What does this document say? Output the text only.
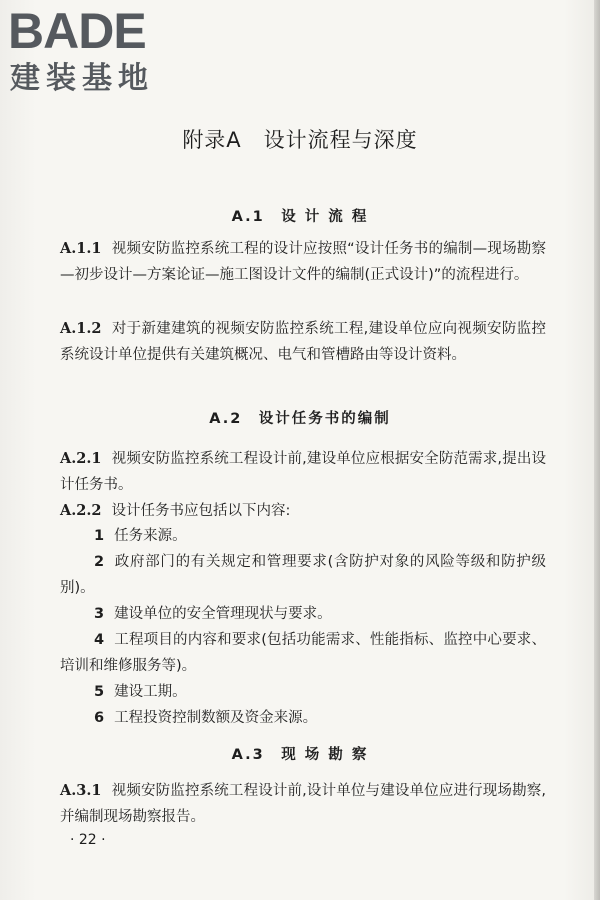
BADE
建装基地
附录A　设计流程与深度
A.1　设 计 流 程
A.1.1 视频安防监控系统工程的设计应按照“设计任务书的编制—现场勘察—初步设计—方案论证—施工图设计文件的编制(正式设计)”的流程进行。
A.1.2 对于新建建筑的视频安防监控系统工程,建设单位应向视频安防监控系统设计单位提供有关建筑概况、电气和管槽路由等设计资料。
A.2　设计任务书的编制
A.2.1 视频安防监控系统工程设计前,建设单位应根据安全防范需求,提出设计任务书。
A.2.2 设计任务书应包括以下内容:
1 任务来源。
2 政府部门的有关规定和管理要求(含防护对象的风险等级和防护级别)。
3 建设单位的安全管理现状与要求。
4 工程项目的内容和要求(包括功能需求、性能指标、监控中心要求、培训和维修服务等)。
5 建设工期。
6 工程投资控制数额及资金来源。
A.3　现 场 勘 察
A.3.1 视频安防监控系统工程设计前,设计单位与建设单位应进行现场勘察,并编制现场勘察报告。
· 22 ·
